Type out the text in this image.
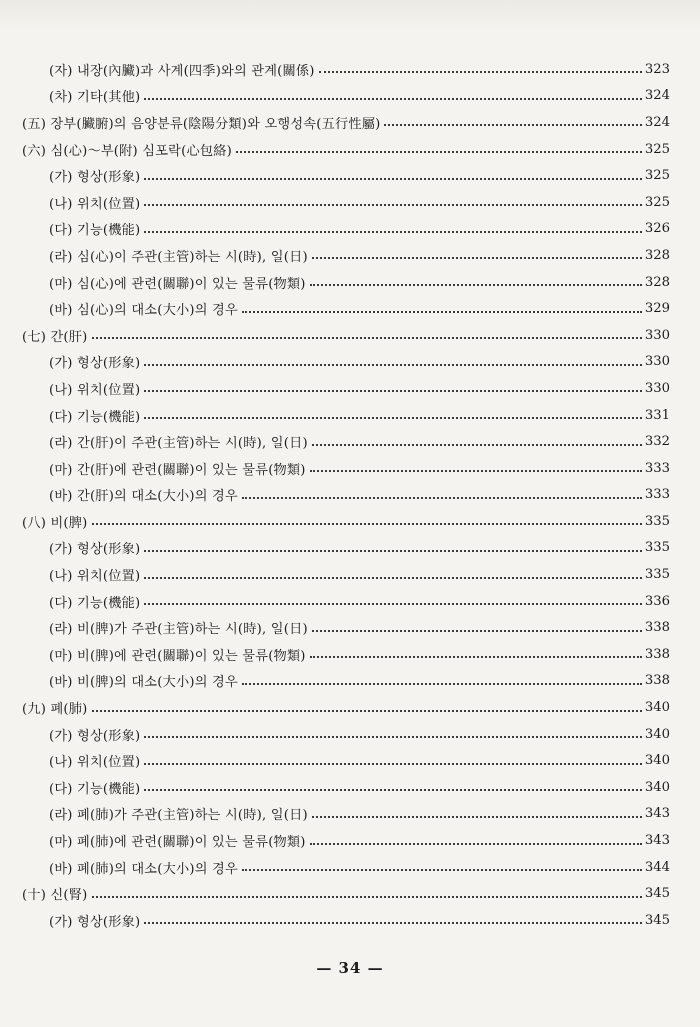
(자) 내장(內臟)과 사계(四季)와의 관계(關係)	323
(차) 기타(其他)	324
(五) 장부(臟腑)의 음양분류(陰陽分類)와 오행성속(五行性屬)	324
(六) 심(心)～부(附) 심포락(心包絡)	325
(가) 형상(形象)	325
(나) 위치(位置)	325
(다) 기능(機能)	326
(라) 심(心)이 주관(主管)하는 시(時), 일(日)	328
(마) 심(心)에 관련(關聯)이 있는 물류(物類)	328
(바) 심(心)의 대소(大小)의 경우	329
(七) 간(肝)	330
(가) 형상(形象)	330
(나) 위치(位置)	330
(다) 기능(機能)	331
(라) 간(肝)이 주관(主管)하는 시(時), 일(日)	332
(마) 간(肝)에 관련(關聯)이 있는 물류(物類)	333
(바) 간(肝)의 대소(大小)의 경우	333
(八) 비(脾)	335
(가) 형상(形象)	335
(나) 위치(位置)	335
(다) 기능(機能)	336
(라) 비(脾)가 주관(主管)하는 시(時), 일(日)	338
(마) 비(脾)에 관련(關聯)이 있는 물류(物類)	338
(바) 비(脾)의 대소(大小)의 경우	338
(九) 폐(肺)	340
(가) 형상(形象)	340
(나) 위치(位置)	340
(다) 기능(機能)	340
(라) 폐(肺)가 주관(主管)하는 시(時), 일(日)	343
(마) 폐(肺)에 관련(關聯)이 있는 물류(物類)	343
(바) 폐(肺)의 대소(大小)의 경우	344
(十) 신(腎)	345
(가) 형상(形象)	345
— 34 —
